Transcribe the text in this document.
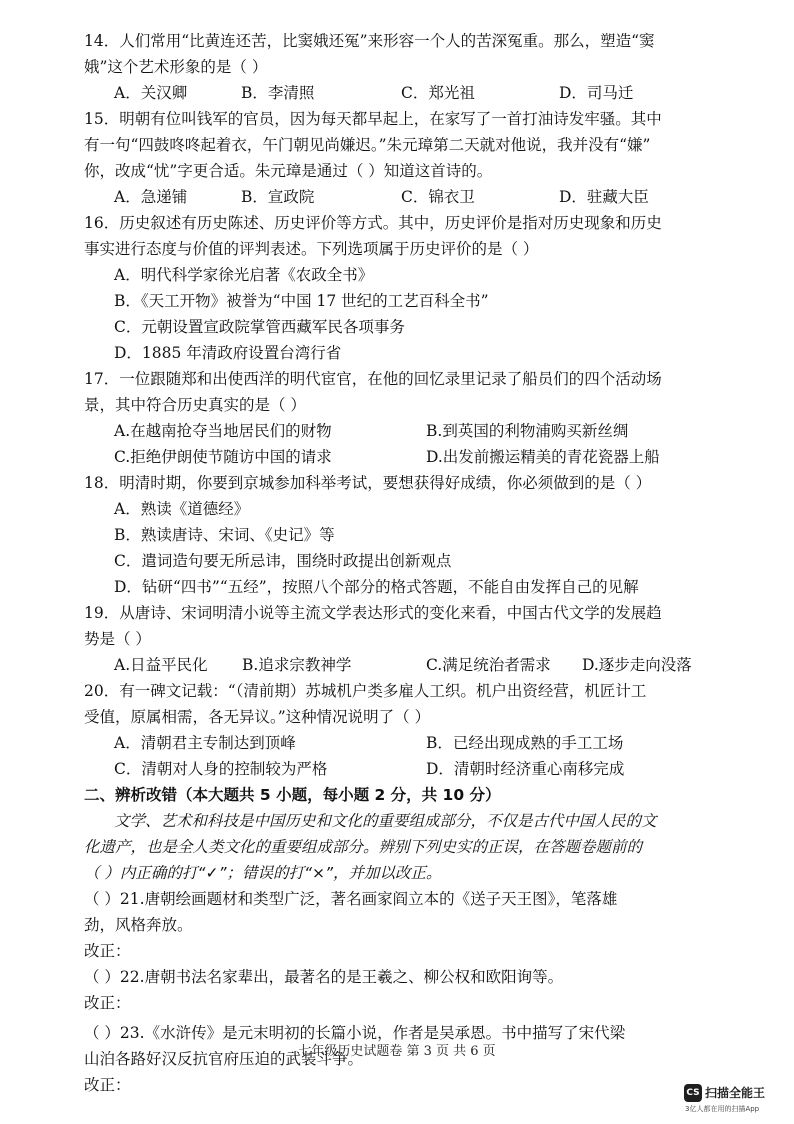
14．人们常用“比黄连还苦，比窦娥还冤”来形容一个人的苦深冤重。那么，塑造“窦
娥”这个艺术形象的是（ ）
A．关汉卿	B．李清照	C．郑光祖	D．司马迁
15．明朝有位叫钱军的官员，因为每天都早起上，在家写了一首打油诗发牢骚。其中
有一句“四鼓咚咚起着衣，午门朝见尚嫌迟。”朱元璋第二天就对他说，我并没有“嫌”
你，改成“忧”字更合适。朱元璋是通过（ ）知道这首诗的。
A．急递铺	B．宣政院	C．锦衣卫	D．驻藏大臣
16．历史叙述有历史陈述、历史评价等方式。其中，历史评价是指对历史现象和历史
事实进行态度与价值的评判表述。下列选项属于历史评价的是（ ）
A．明代科学家徐光启著《农政全书》
B．《天工开物》被誉为“中国 17 世纪的工艺百科全书”
C．元朝设置宣政院掌管西藏军民各项事务
D．1885 年清政府设置台湾行省
17．一位跟随郑和出使西洋的明代宦官，在他的回忆录里记录了船员们的四个活动场
景，其中符合历史真实的是（ ）
A.在越南抢夺当地居民们的财物	B.到英国的利物浦购买新丝绸
C.拒绝伊朗使节随访中国的请求	D.出发前搬运精美的青花瓷器上船
18．明清时期，你要到京城参加科举考试，要想获得好成绩，你必须做到的是（ ）
A．熟读《道德经》
B．熟读唐诗、宋词、《史记》等
C．遣词造句要无所忌讳，围绕时政提出创新观点
D．钻研“四书”“五经”，按照八个部分的格式答题，不能自由发挥自己的见解
19．从唐诗、宋词明清小说等主流文学表达形式的变化来看，中国古代文学的发展趋
势是（ ）
A.日益平民化	B.追求宗教神学	C.满足统治者需求	D.逐步走向没落
20．有一碑文记载：“（清前期）苏城机户类多雇人工织。机户出资经营，机匠计工
受值，原属相需，各无异议。”这种情况说明了（ ）
A．清朝君主专制达到顶峰	B．已经出现成熟的手工工场
C．清朝对人身的控制较为严格	D．清朝时经济重心南移完成
二、辨析改错（本大题共 5 小题，每小题 2 分，共 10 分）
文学、艺术和科技是中国历史和文化的重要组成部分，不仅是古代中国人民的文
化遗产，也是全人类文化的重要组成部分。辨别下列史实的正误，在答题卷题前的
（ ）内正确的打“✓”；错误的打“×”，并加以改正。
（ ）21.唐朝绘画题材和类型广泛，著名画家阎立本的《送子天王图》，笔落雄
劲，风格奔放。
改正：
（ ）22.唐朝书法名家辈出，最著名的是王羲之、柳公权和欧阳询等。
改正：
（ ）23.《水浒传》是元末明初的长篇小说，作者是吴承恩。书中描写了宋代梁
山泊各路好汉反抗官府压迫的武装斗争。
改正：
七年级历史试题卷 第 3 页 共 6 页
CS 扫描全能王
3亿人都在用的扫描App
